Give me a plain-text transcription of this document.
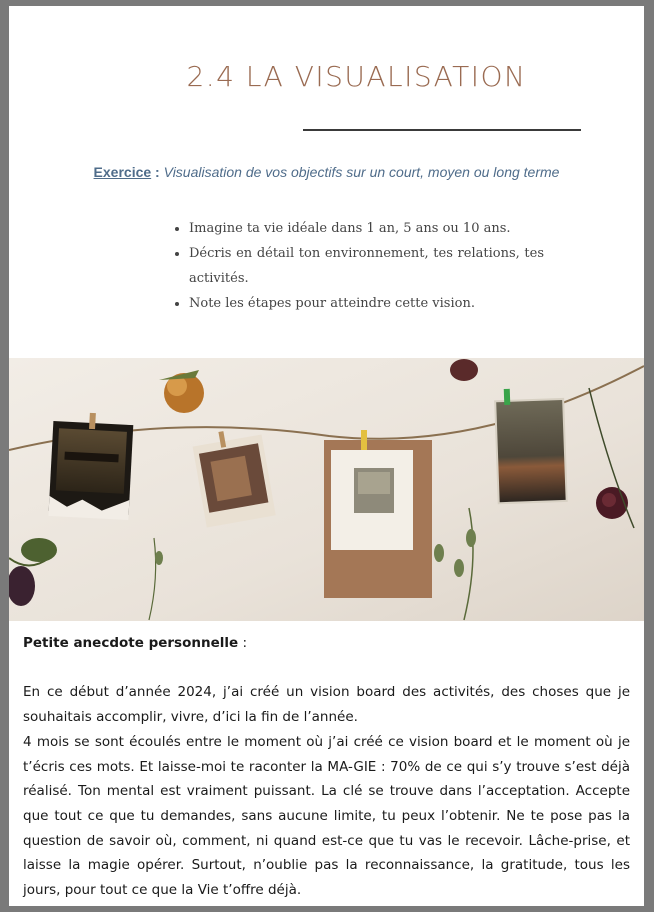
2.4 LA VISUALISATION
Exercice : Visualisation de vos objectifs sur un court, moyen ou long terme
• Imagine ta vie idéale dans 1 an, 5 ans ou 10 ans.
• Décris en détail ton environnement, tes relations, tes activités.
• Note les étapes pour atteindre cette vision.

Petite anecdote personnelle :

En ce début d’année 2024, j’ai créé un vision board des activités, des choses que je souhaitais accomplir, vivre, d’ici la fin de l’année.

4 mois se sont écoulés entre le moment où j’ai créé ce vision board et le moment où je t’écris ces mots. Et laisse-moi te raconter la MA-GIE : 70% de ce qui s’y trouve s’est déjà réalisé. Ton mental est vraiment puissant. La clé se trouve dans l’acceptation. Accepte que tout ce que tu demandes, sans aucune limite, tu peux l’obtenir. Ne te pose pas la question de savoir où, comment, ni quand est-ce que tu vas le recevoir. Lâche-prise, et laisse la magie opérer. Surtout, n’oublie pas la reconnaissance, la gratitude, tous les jours, pour tout ce que la Vie t’offre déjà.
